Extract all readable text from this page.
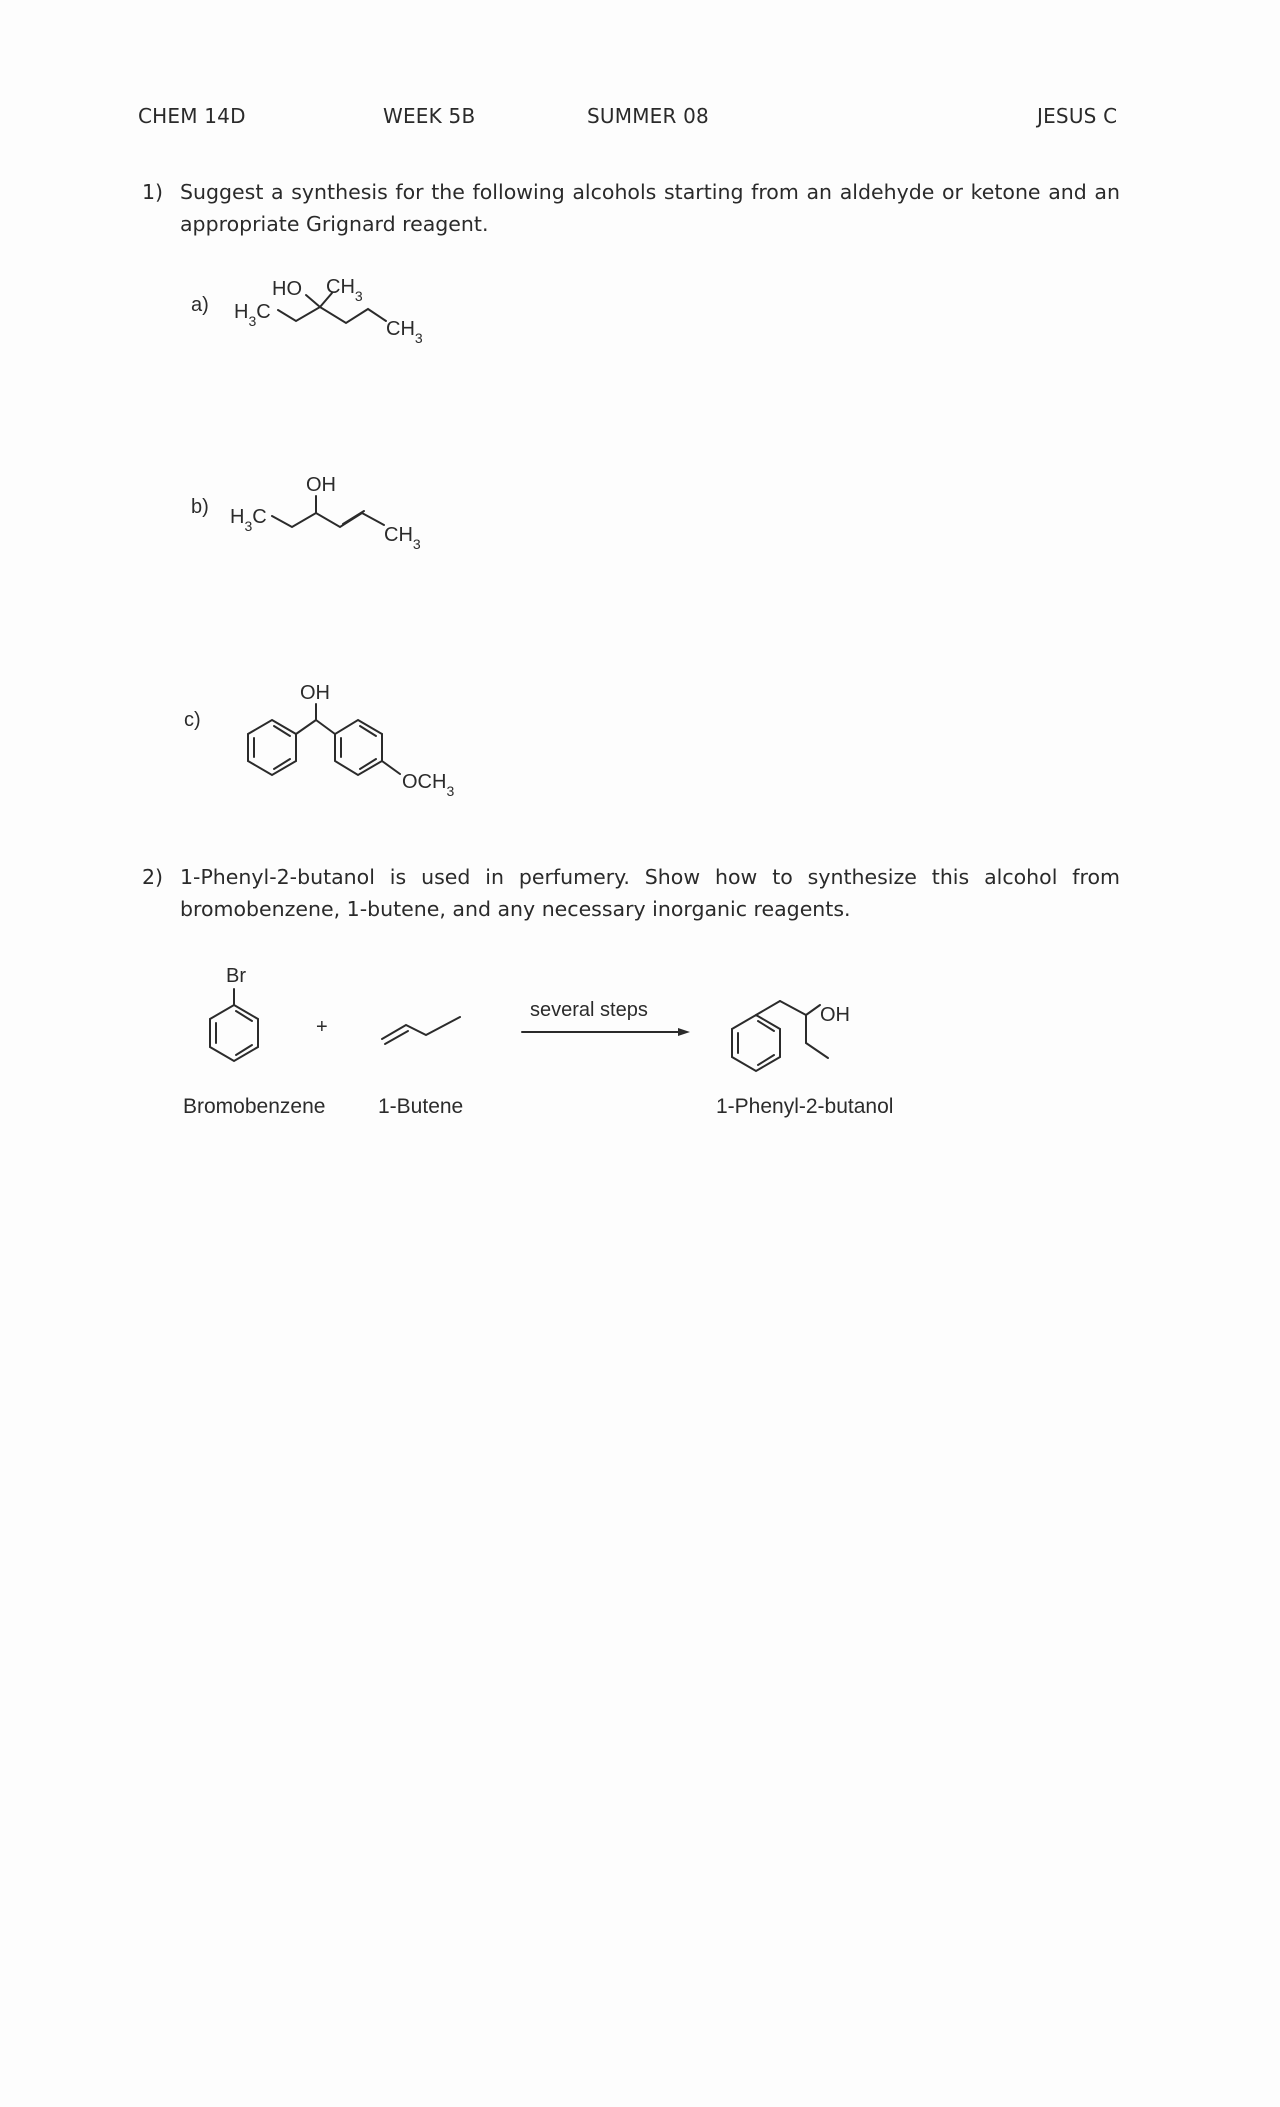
CHEM 14D	WEEK 5B	SUMMER 08	JESUS C
1) Suggest a synthesis for the following alcohols starting from an aldehyde or ketone and an appropriate Grignard reagent.
a)
b)
c)
$H_3C$
HO $CH_3$
$CH_3$
$H_3C$
OH
$CH_3$
OH
$OCH_3$
2) 1-Phenyl-2-butanol is used in perfumery. Show how to synthesize this alcohol from bromobenzene, 1-butene, and any necessary inorganic reagents.
Br
+
several steps	OH
Bromobenzene	1-Butene	1-Phenyl-2-butanol
